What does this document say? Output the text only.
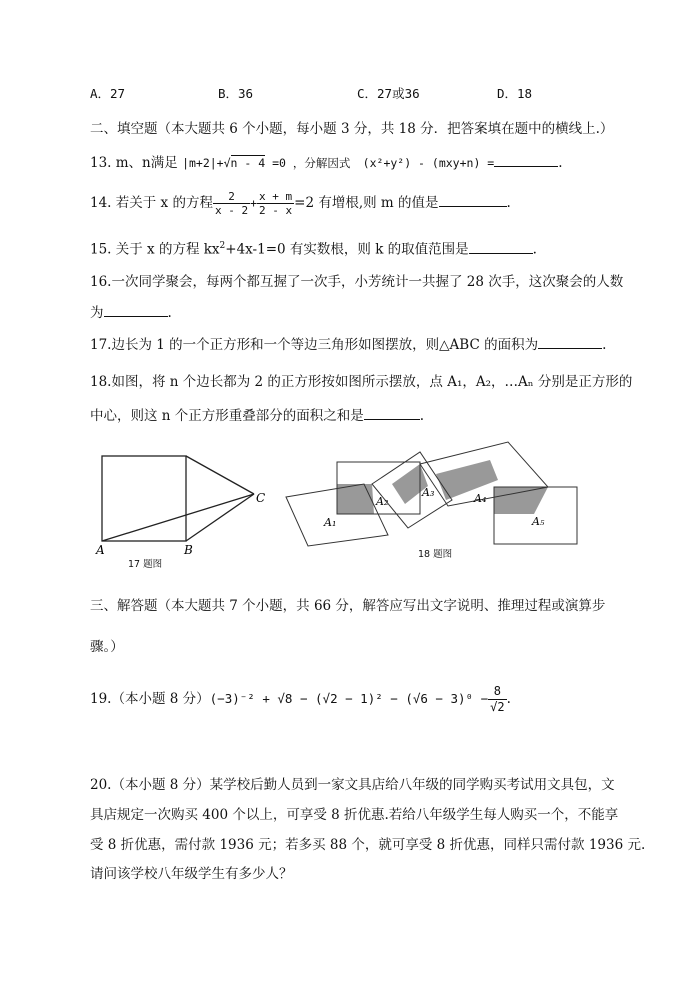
A．27	B．36	C．27或36	D．18
二、填空题（本大题共 6 个小题，每小题 3 分，共 18 分．把答案填在题中的横线上.）
13. m、n满足 |m+2|+√n - 4 =0 ，分解因式 (x²+y²) - (mxy+n) =	.
14. 若关于 x 的方程 $\frac{2}{x - 2} + \frac{x + m}{2 - x} =2$ 有增根,则 m 的值是	.
15. 关于 x 的方程 $kx^2+4x-1=0$ 有实数根，则 k 的取值范围是	.
16.一次同学聚会，每两个都互握了一次手，小芳统计一共握了 28 次手，这次聚会的人数
为	.
17.边长为 1 的一个正方形和一个等边三角形如图摆放，则△ABC 的面积为	.
18.如图，将 n 个边长都为 2 的正方形按如图所示摆放，点 A₁，A₂，…Aₙ 分别是正方形的
中心，则这 n 个正方形重叠部分的面积之和是	.
A	B
C
17 题图
A₁
A₂
A₃	A₄
A₅
18 题图
三、解答题（本大题共 7 个小题，共 66 分，解答应写出文字说明、推理过程或演算步
骤。）
19.（本小题 8 分）$(-3)^{-2} + √8 - (√2 - 1)^2 - (√6 - 3)^0 - \frac{8}{√2}$ .
20.（本小题 8 分）某学校后勤人员到一家文具店给八年级的同学购买考试用文具包，文
具店规定一次购买 400 个以上，可享受 8 折优惠.若给八年级学生每人购买一个，不能享
受 8 折优惠，需付款 1936 元；若多买 88 个，就可享受 8 折优惠，同样只需付款 1936 元.
请问该学校八年级学生有多少人？
